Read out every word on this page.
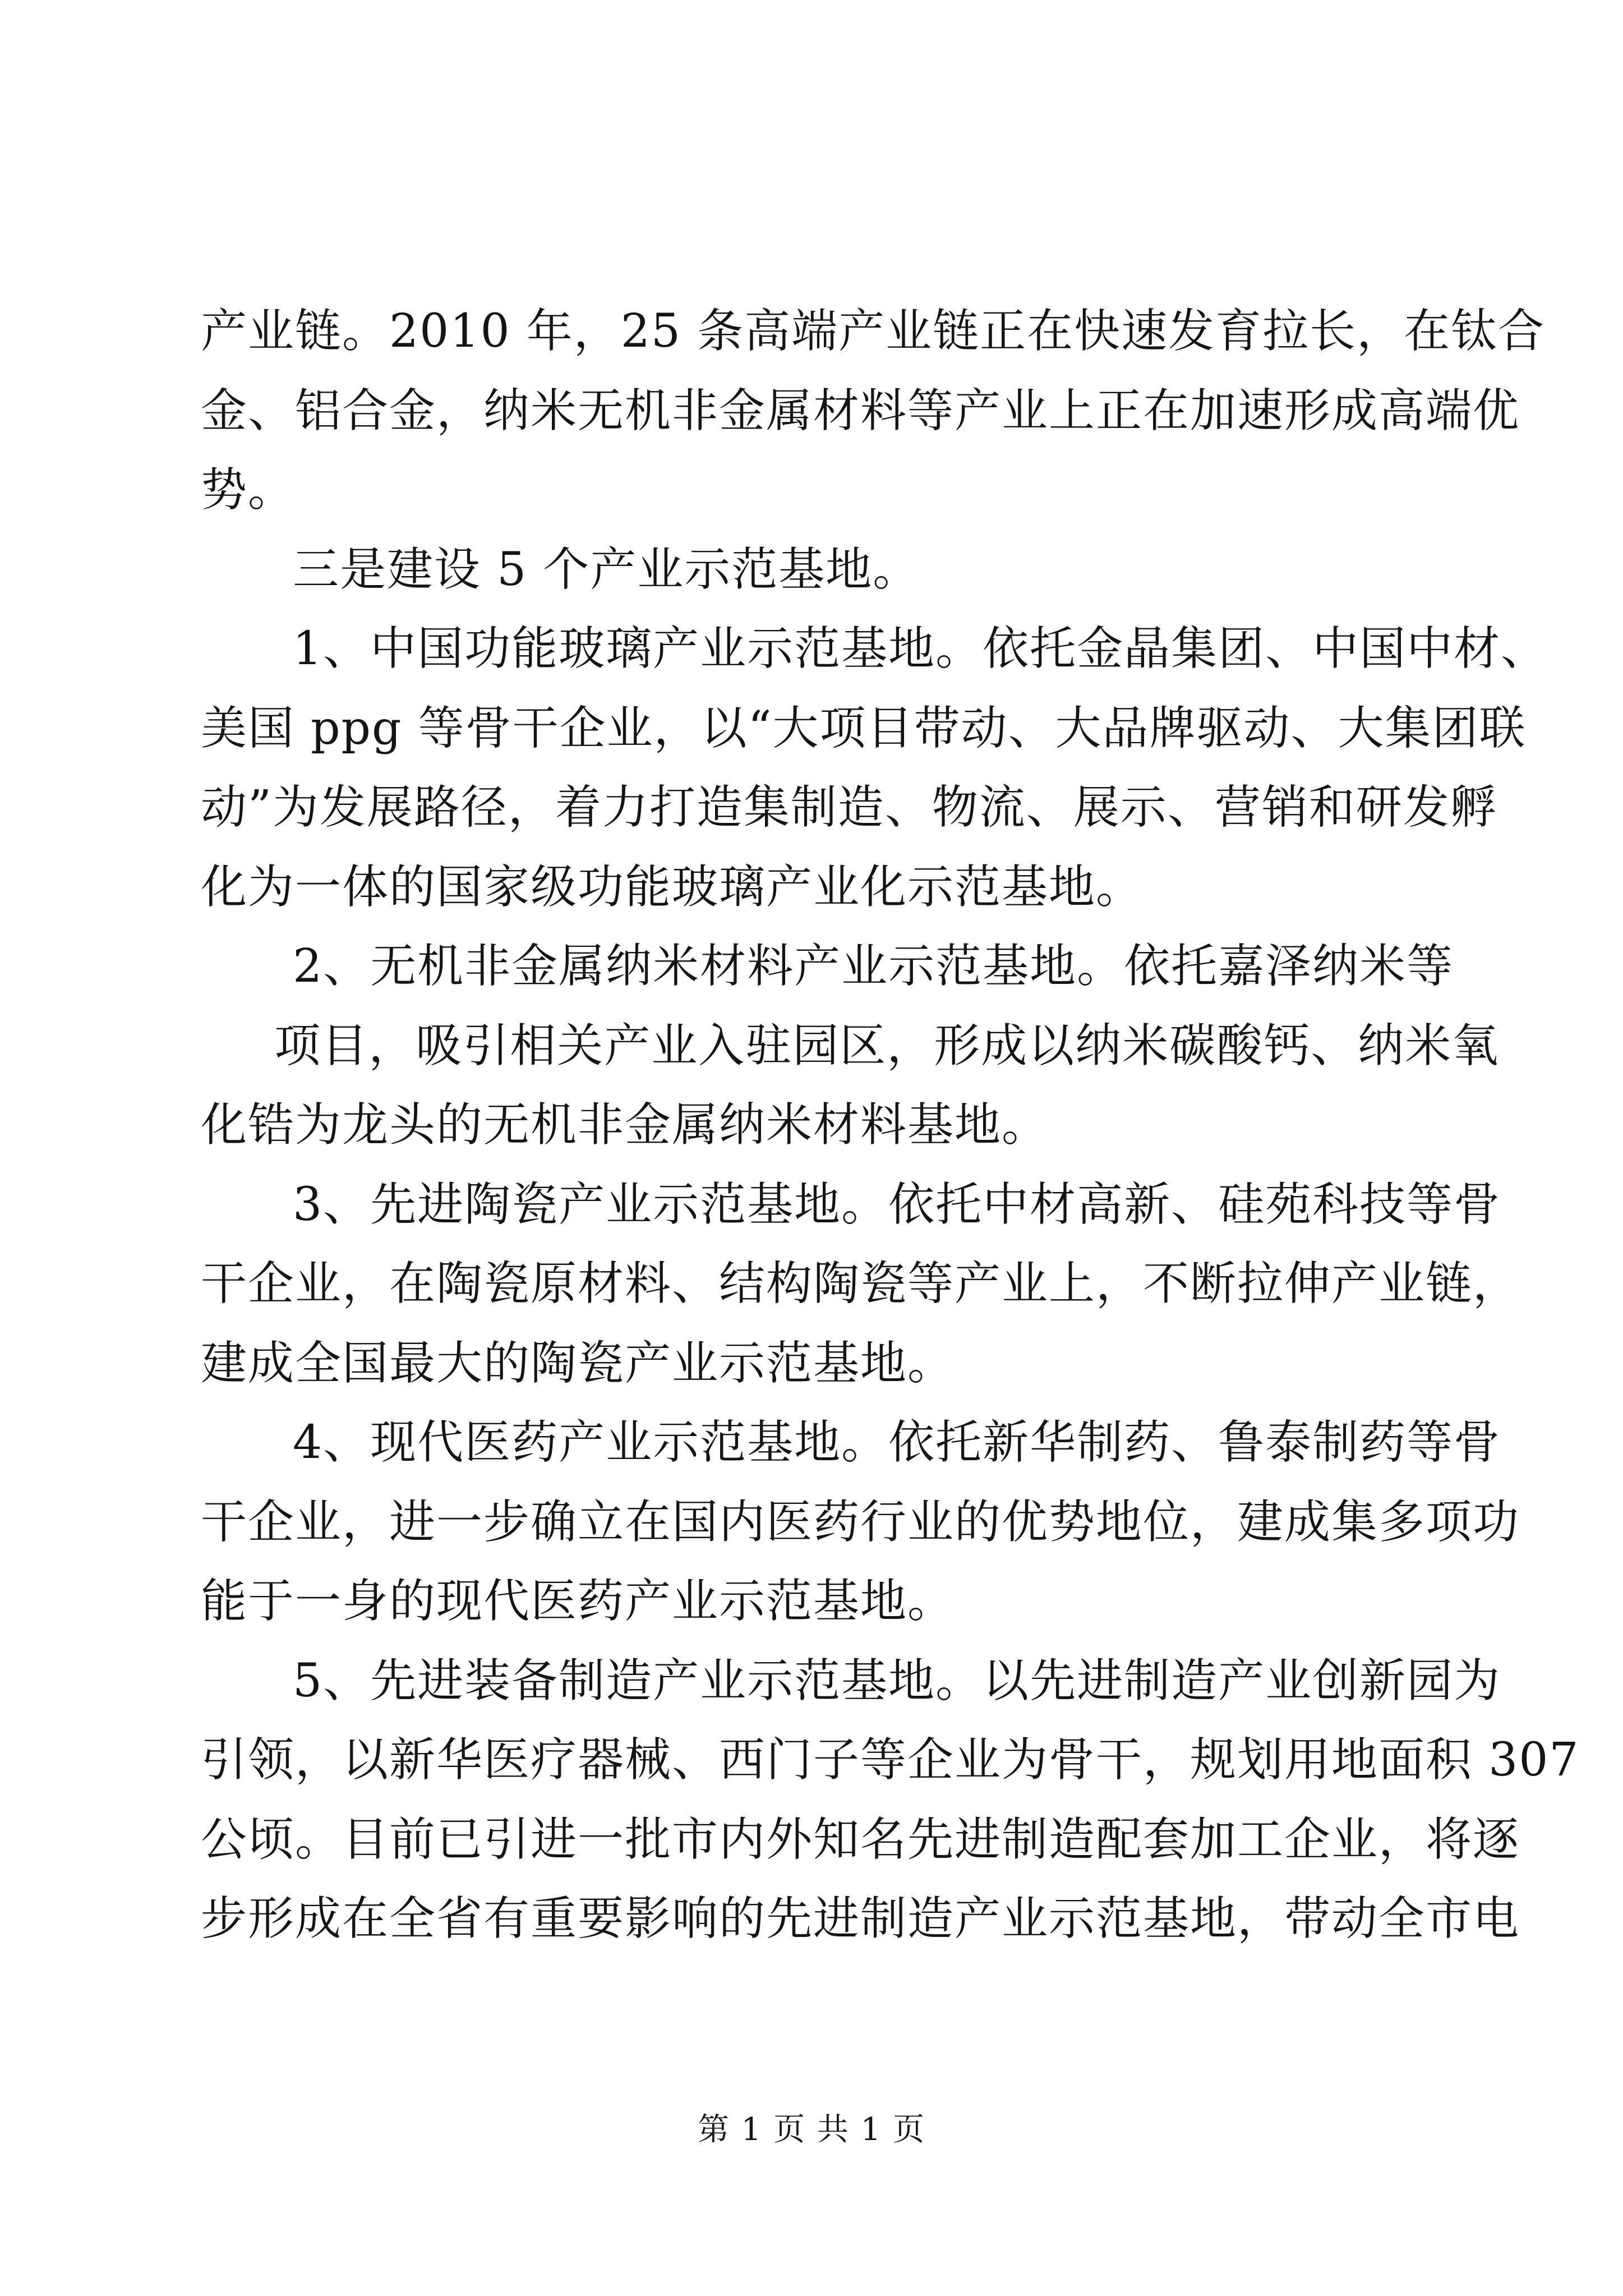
产业链。2010 年，25 条高端产业链正在快速发育拉长，在钛合
金、铝合金，纳米无机非金属材料等产业上正在加速形成高端优
势。

三是建设 5 个产业示范基地。

1、中国功能玻璃产业示范基地。依托金晶集团、中国中材、
美国 ppg 等骨干企业，以“大项目带动、大品牌驱动、大集团联
动”为发展路径，着力打造集制造、物流、展示、营销和研发孵
化为一体的国家级功能玻璃产业化示范基地。

2、无机非金属纳米材料产业示范基地。依托嘉泽纳米等
项目，吸引相关产业入驻园区，形成以纳米碳酸钙、纳米氧
化锆为龙头的无机非金属纳米材料基地。

3、先进陶瓷产业示范基地。依托中材高新、硅苑科技等骨
干企业，在陶瓷原材料、结构陶瓷等产业上，不断拉伸产业链，
建成全国最大的陶瓷产业示范基地。

4、现代医药产业示范基地。依托新华制药、鲁泰制药等骨
干企业，进一步确立在国内医药行业的优势地位，建成集多项功
能于一身的现代医药产业示范基地。

5、先进装备制造产业示范基地。以先进制造产业创新园为
引领，以新华医疗器械、西门子等企业为骨干，规划用地面积 307
公顷。目前已引进一批市内外知名先进制造配套加工企业，将逐
步形成在全省有重要影响的先进制造产业示范基地，带动全市电

第 1 页 共 1 页
